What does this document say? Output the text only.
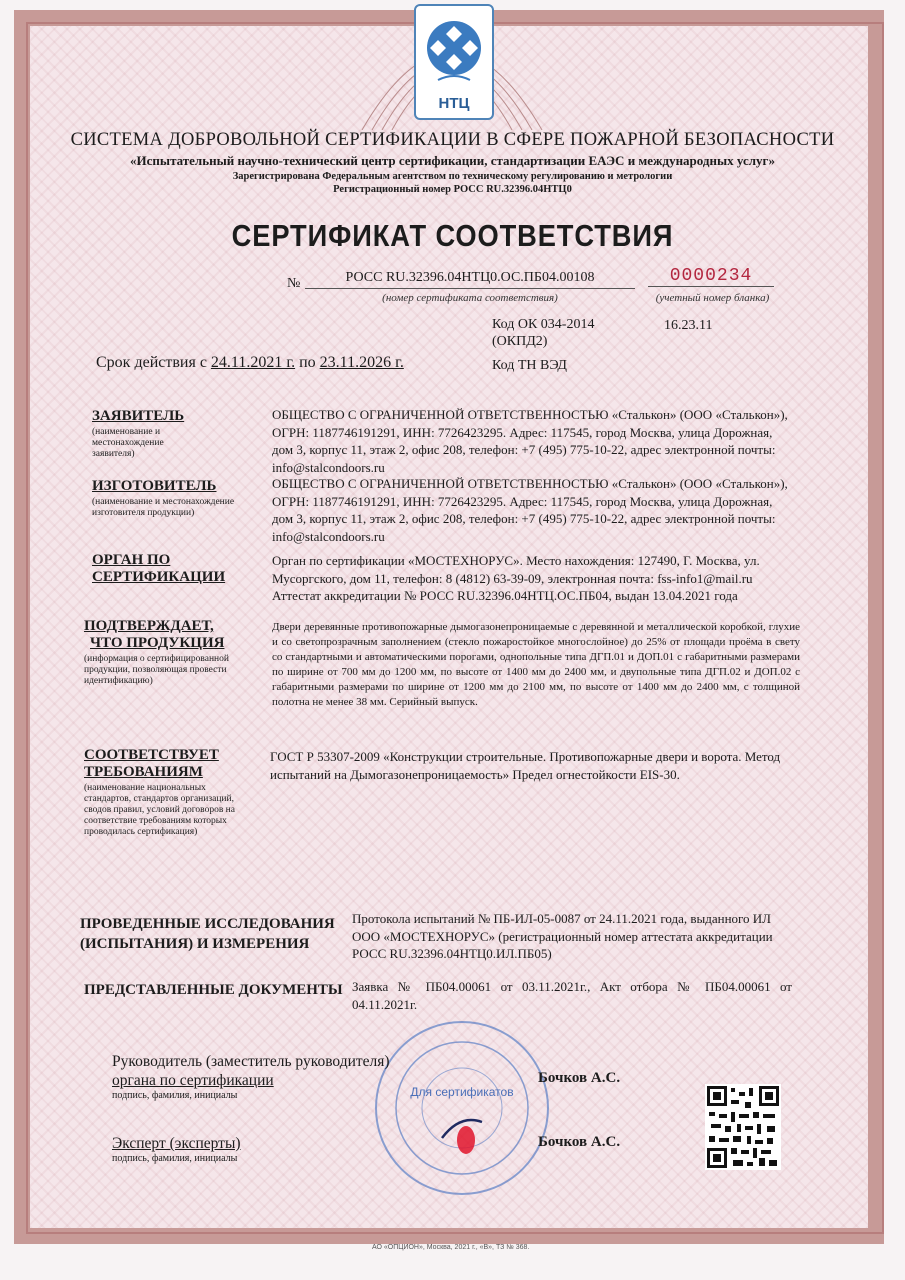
НТЦ
СИСТЕМА ДОБРОВОЛЬНОЙ СЕРТИФИКАЦИИ В СФЕРЕ ПОЖАРНОЙ БЕЗОПАСНОСТИ
«Испытательный научно-технический центр сертификации, стандартизации ЕАЭС и международных услуг»
Зарегистрирована Федеральным агентством по техническому регулированию и метрологии
Регистрационный номер РОСС RU.32396.04НТЦ0
СЕРТИФИКАТ СООТВЕТСТВИЯ
№	РОСС RU.32396.04НТЦ0.ОС.ПБ04.00108
(номер сертификата соответствия)
0000234
(учетный номер бланка)
Код ОК 034-2014
(ОКПД2)
16.23.11
Код ТН ВЭД
Срок действия с 24.11.2021 г. по 23.11.2026 г.
ЗАЯВИТЕЛЬ
(наименование и местонахождение заявителя)
ОБЩЕСТВО С ОГРАНИЧЕННОЙ ОТВЕТСТВЕННОСТЬЮ «Сталькон» (ООО «Сталькон»), ОГРН: 1187746191291, ИНН: 7726423295. Адрес: 117545, город Москва, улица Дорожная, дом 3, корпус 11, этаж 2, офис 208, телефон: +7 (495) 775-10-22, адрес электронной почты: info@stalcondoors.ru
ИЗГОТОВИТЕЛЬ
(наименование и местонахождение изготовителя продукции)
ОБЩЕСТВО С ОГРАНИЧЕННОЙ ОТВЕТСТВЕННОСТЬЮ «Сталькон» (ООО «Сталькон»), ОГРН: 1187746191291, ИНН: 7726423295. Адрес: 117545, город Москва, улица Дорожная, дом 3, корпус 11, этаж 2, офис 208, телефон: +7 (495) 775-10-22, адрес электронной почты: info@stalcondoors.ru
ОРГАН ПО
СЕРТИФИКАЦИИ
Орган по сертификации «МОСТЕХНОРУС». Место нахождения: 127490, Г. Москва, ул. Мусоргского, дом 11, телефон: 8 (4812) 63-39-09, электронная почта: fss-info1@mail.ru Аттестат аккредитации № РОСС RU.32396.04НТЦ.ОС.ПБ04, выдан 13.04.2021 года
ПОДТВЕРЖДАЕТ,
ЧТО ПРОДУКЦИЯ
(информация о сертифицированной продукции, позволяющая провести идентификацию)
Двери деревянные противопожарные дымогазонепроницаемые с деревянной и металлической коробкой, глухие и со светопрозрачным заполнением (стекло пожаростойкое многослойное) до 25% от площади проёма в свету со стандартными и автоматическими порогами, однопольные типа ДГП.01 и ДОП.01 с габаритными размерами по ширине от 700 мм до 1200 мм, по высоте от 1400 мм до 2400 мм, и двупольные типа ДГП.02 и ДОП.02 с габаритными размерами по ширине от 1200 мм до 2100 мм, по высоте от 1400 мм до 2400 мм, с толщиной полотна не менее 38 мм. Серийный выпуск.
СООТВЕТСТВУЕТ
ТРЕБОВАНИЯМ
(наименование национальных стандартов, стандартов организаций, сводов правил, условий договоров на соответствие требованиям которых проводилась сертификация)
ГОСТ Р 53307-2009 «Конструкции строительные. Противопожарные двери и ворота. Метод испытаний на Дымогазонепроницаемость» Предел огнестойкости EIS-30.
ПРОВЕДЕННЫЕ ИССЛЕДОВАНИЯ (ИСПЫТАНИЯ) И ИЗМЕРЕНИЯ
Протокола испытаний № ПБ-ИЛ-05-0087 от 24.11.2021 года, выданного ИЛ ООО «МОСТЕХНОРУС» (регистрационный номер аттестата аккредитации РОСС RU.32396.04НТЦ0.ИЛ.ПБ05)
ПРЕДСТАВЛЕННЫЕ ДОКУМЕНТЫ Заявка № ПБ04.00061 от 03.11.2021г., Акт отбора № ПБ04.00061 от 04.11.2021г.
Для сертификатов
Руководитель (заместитель руководителя)
органа по сертификации
подпись, фамилия, инициалы
Бочков А.С.
Эксперт (эксперты)
подпись, фамилия, инициалы
Бочков А.С.
АО «ОПЦИОН», Москва, 2021 г., «В», ТЗ № 368.
